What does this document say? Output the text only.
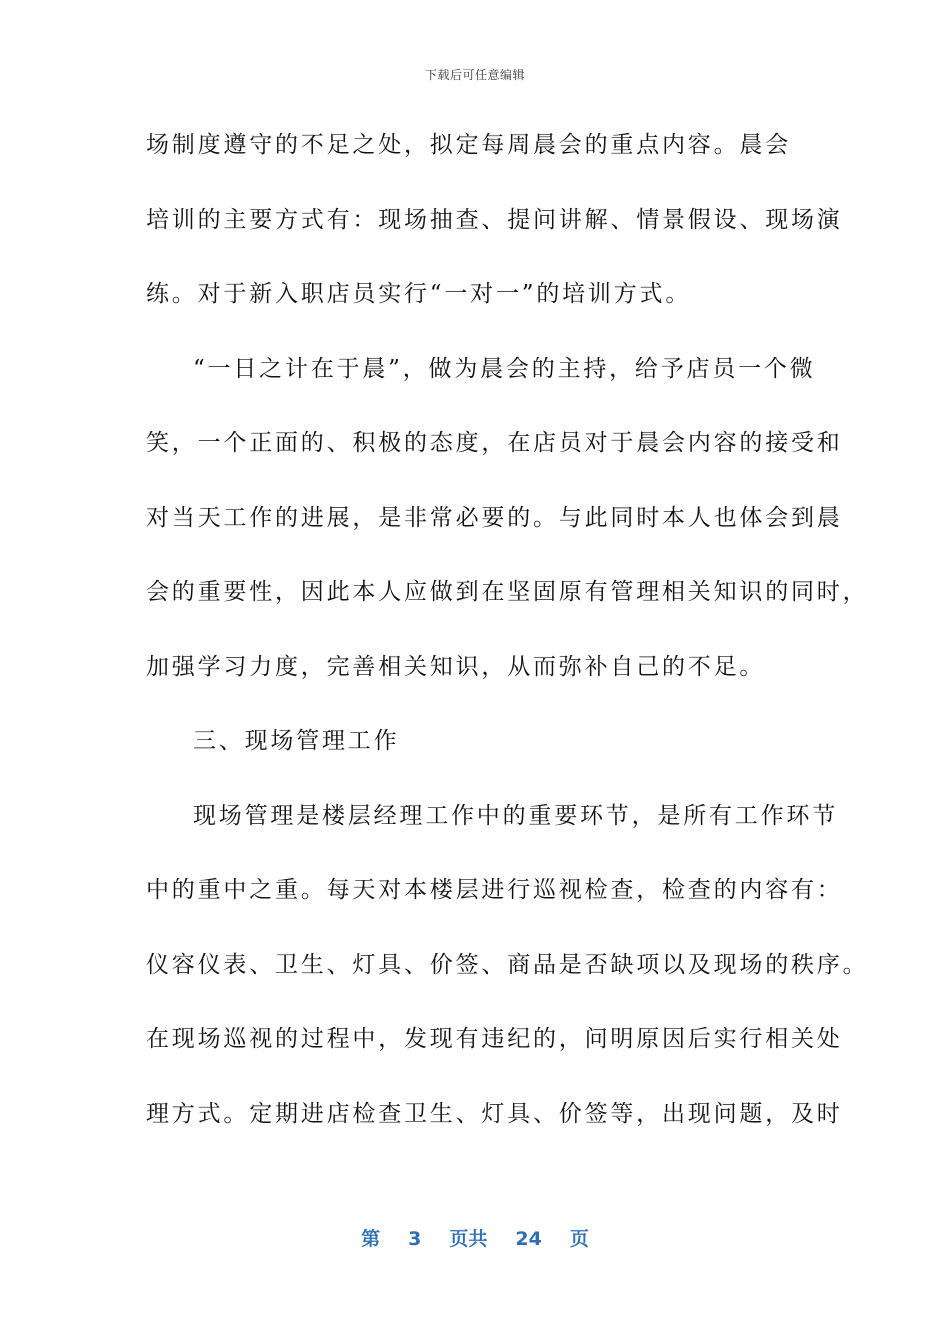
下载后可任意编辑
场制度遵守的不足之处，拟定每周晨会的重点内容。晨会
培训的主要方式有：现场抽查、提问讲解、情景假设、现场演
练。对于新入职店员实行“一对一”的培训方式。
“一日之计在于晨”，做为晨会的主持，给予店员一个微
笑，一个正面的、积极的态度，在店员对于晨会内容的接受和
对当天工作的进展，是非常必要的。与此同时本人也体会到晨
会的重要性，因此本人应做到在坚固原有管理相关知识的同时，
加强学习力度，完善相关知识，从而弥补自己的不足。
三、现场管理工作
现场管理是楼层经理工作中的重要环节，是所有工作环节
中的重中之重。每天对本楼层进行巡视检查，检查的内容有：
仪容仪表、卫生、灯具、价签、商品是否缺项以及现场的秩序。
在现场巡视的过程中，发现有违纪的，问明原因后实行相关处
理方式。定期进店检查卫生、灯具、价签等，出现问题，及时
第 3 页共 24 页
